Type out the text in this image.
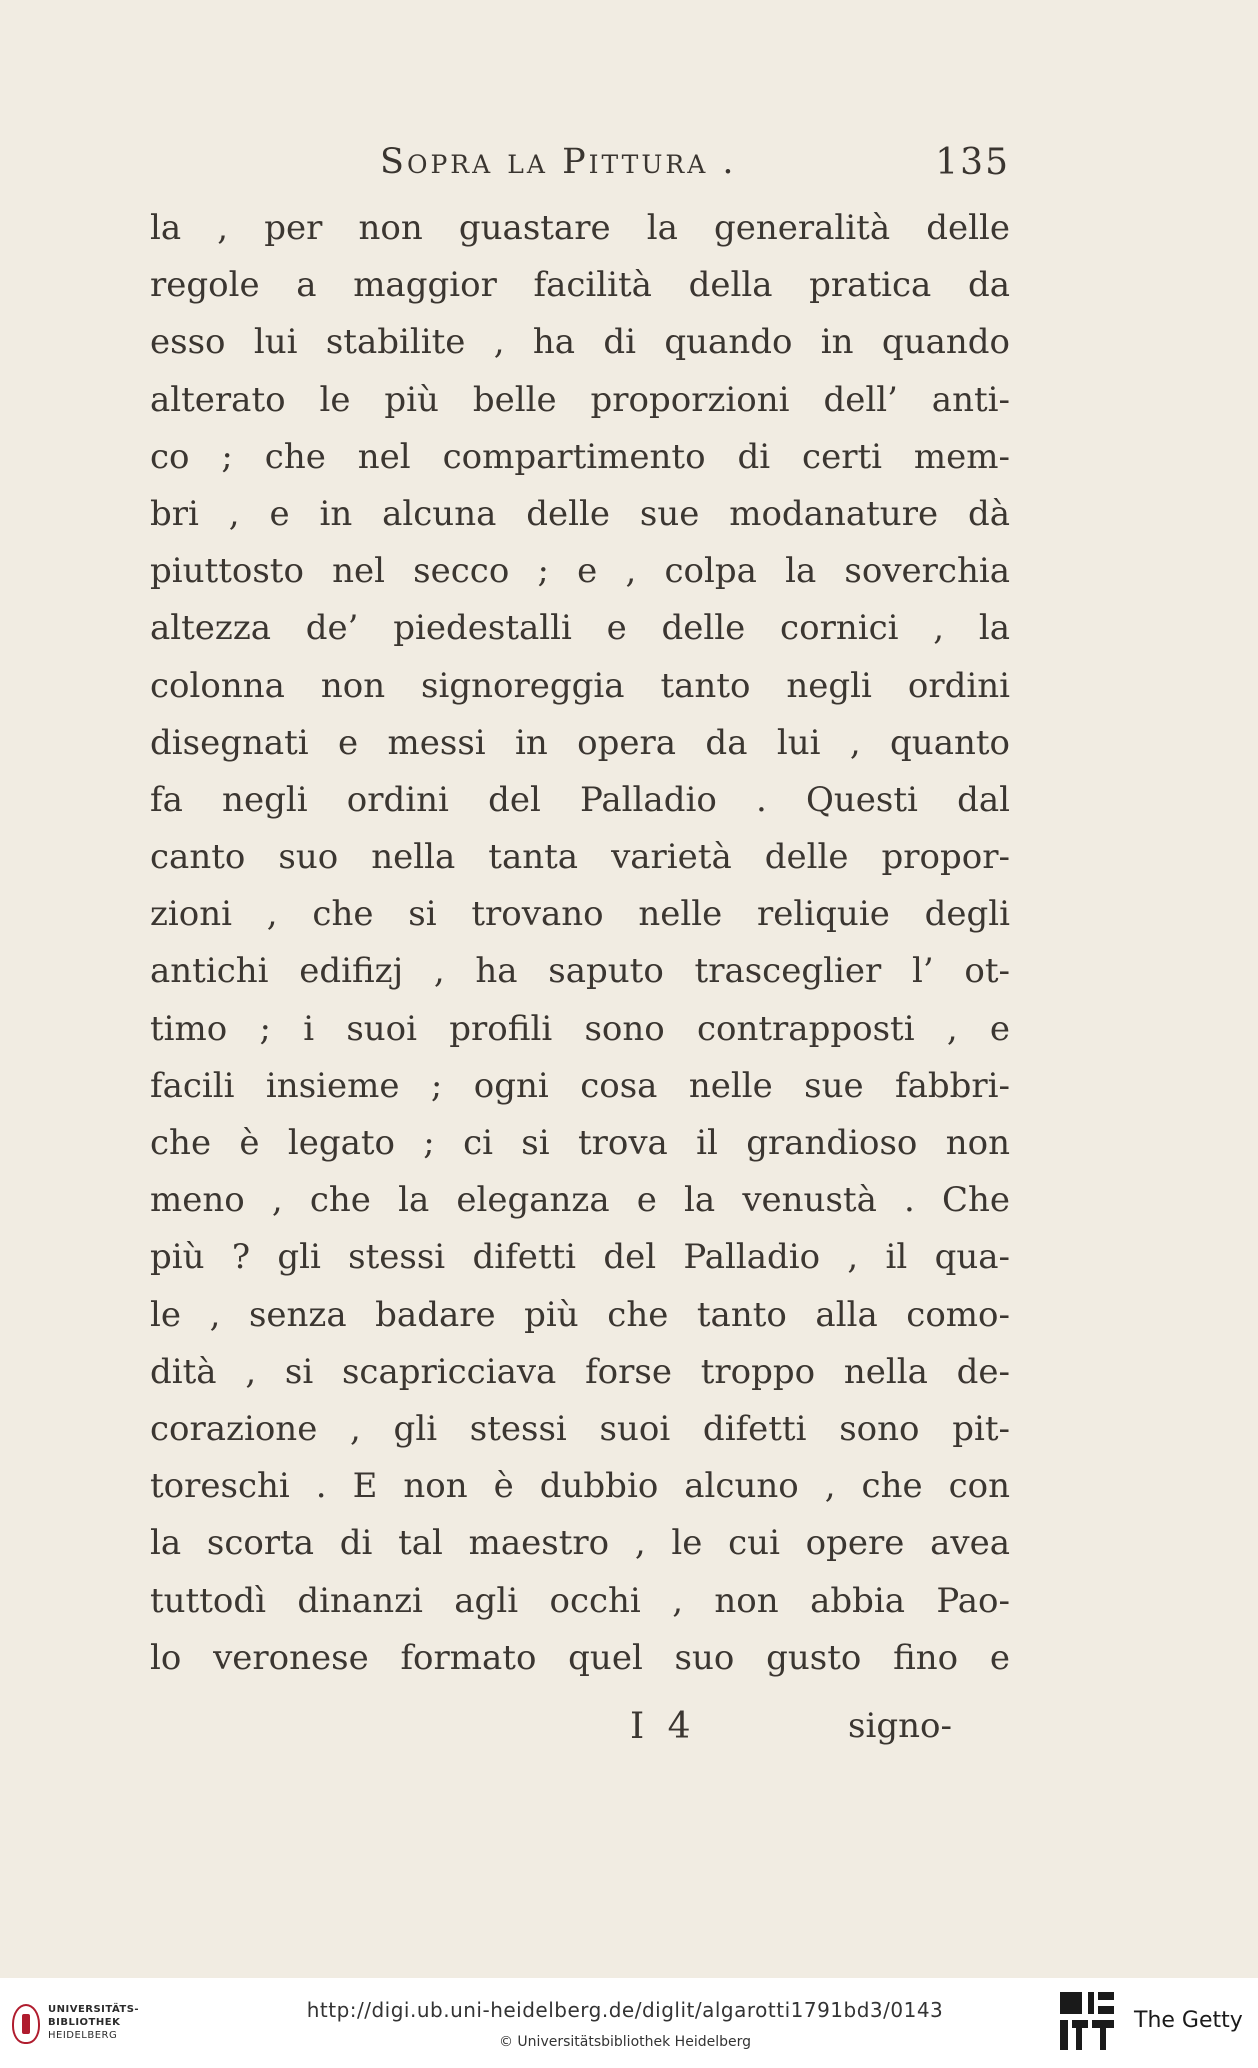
Sopra la Pittura .	135
la , per non guastare la generalità delle
regole a maggior facilità della pratica da
esso lui stabilite , ha di quando in quando
alterato le più belle proporzioni dell’ anti-
co ; che nel compartimento di certi mem-
bri , e in alcuna delle sue modanature dà
piuttosto nel secco ; e , colpa la soverchia
altezza de’ piedestalli e delle cornici , la
colonna non signoreggia tanto negli ordini
disegnati e messi in opera da lui , quanto
fa negli ordini del Palladio . Questi dal
canto suo nella tanta varietà delle propor-
zioni , che si trovano nelle reliquie degli
antichi edifizj , ha saputo trasceglier l’ ot-
timo ; i suoi profili sono contrapposti , e
facili insieme ; ogni cosa nelle sue fabbri-
che è legato ; ci si trova il grandioso non
meno , che la eleganza e la venustà . Che
più ? gli stessi difetti del Palladio , il qua-
le , senza badare più che tanto alla como-
dità , si scapricciava forse troppo nella de-
corazione , gli stessi suoi difetti sono pit-
toreschi . E non è dubbio alcuno , che con
la scorta di tal maestro , le cui opere avea
tuttodì dinanzi agli occhi , non abbia Pao-
lo veronese formato quel suo gusto fino e
I 4	signo-
UNIVERSITÄTS-
BIBLIOTHEK
HEIDELBERG
http://digi.ub.uni-heidelberg.de/diglit/algarotti1791bd3/0143
© Universitätsbibliothek Heidelberg
The Getty
